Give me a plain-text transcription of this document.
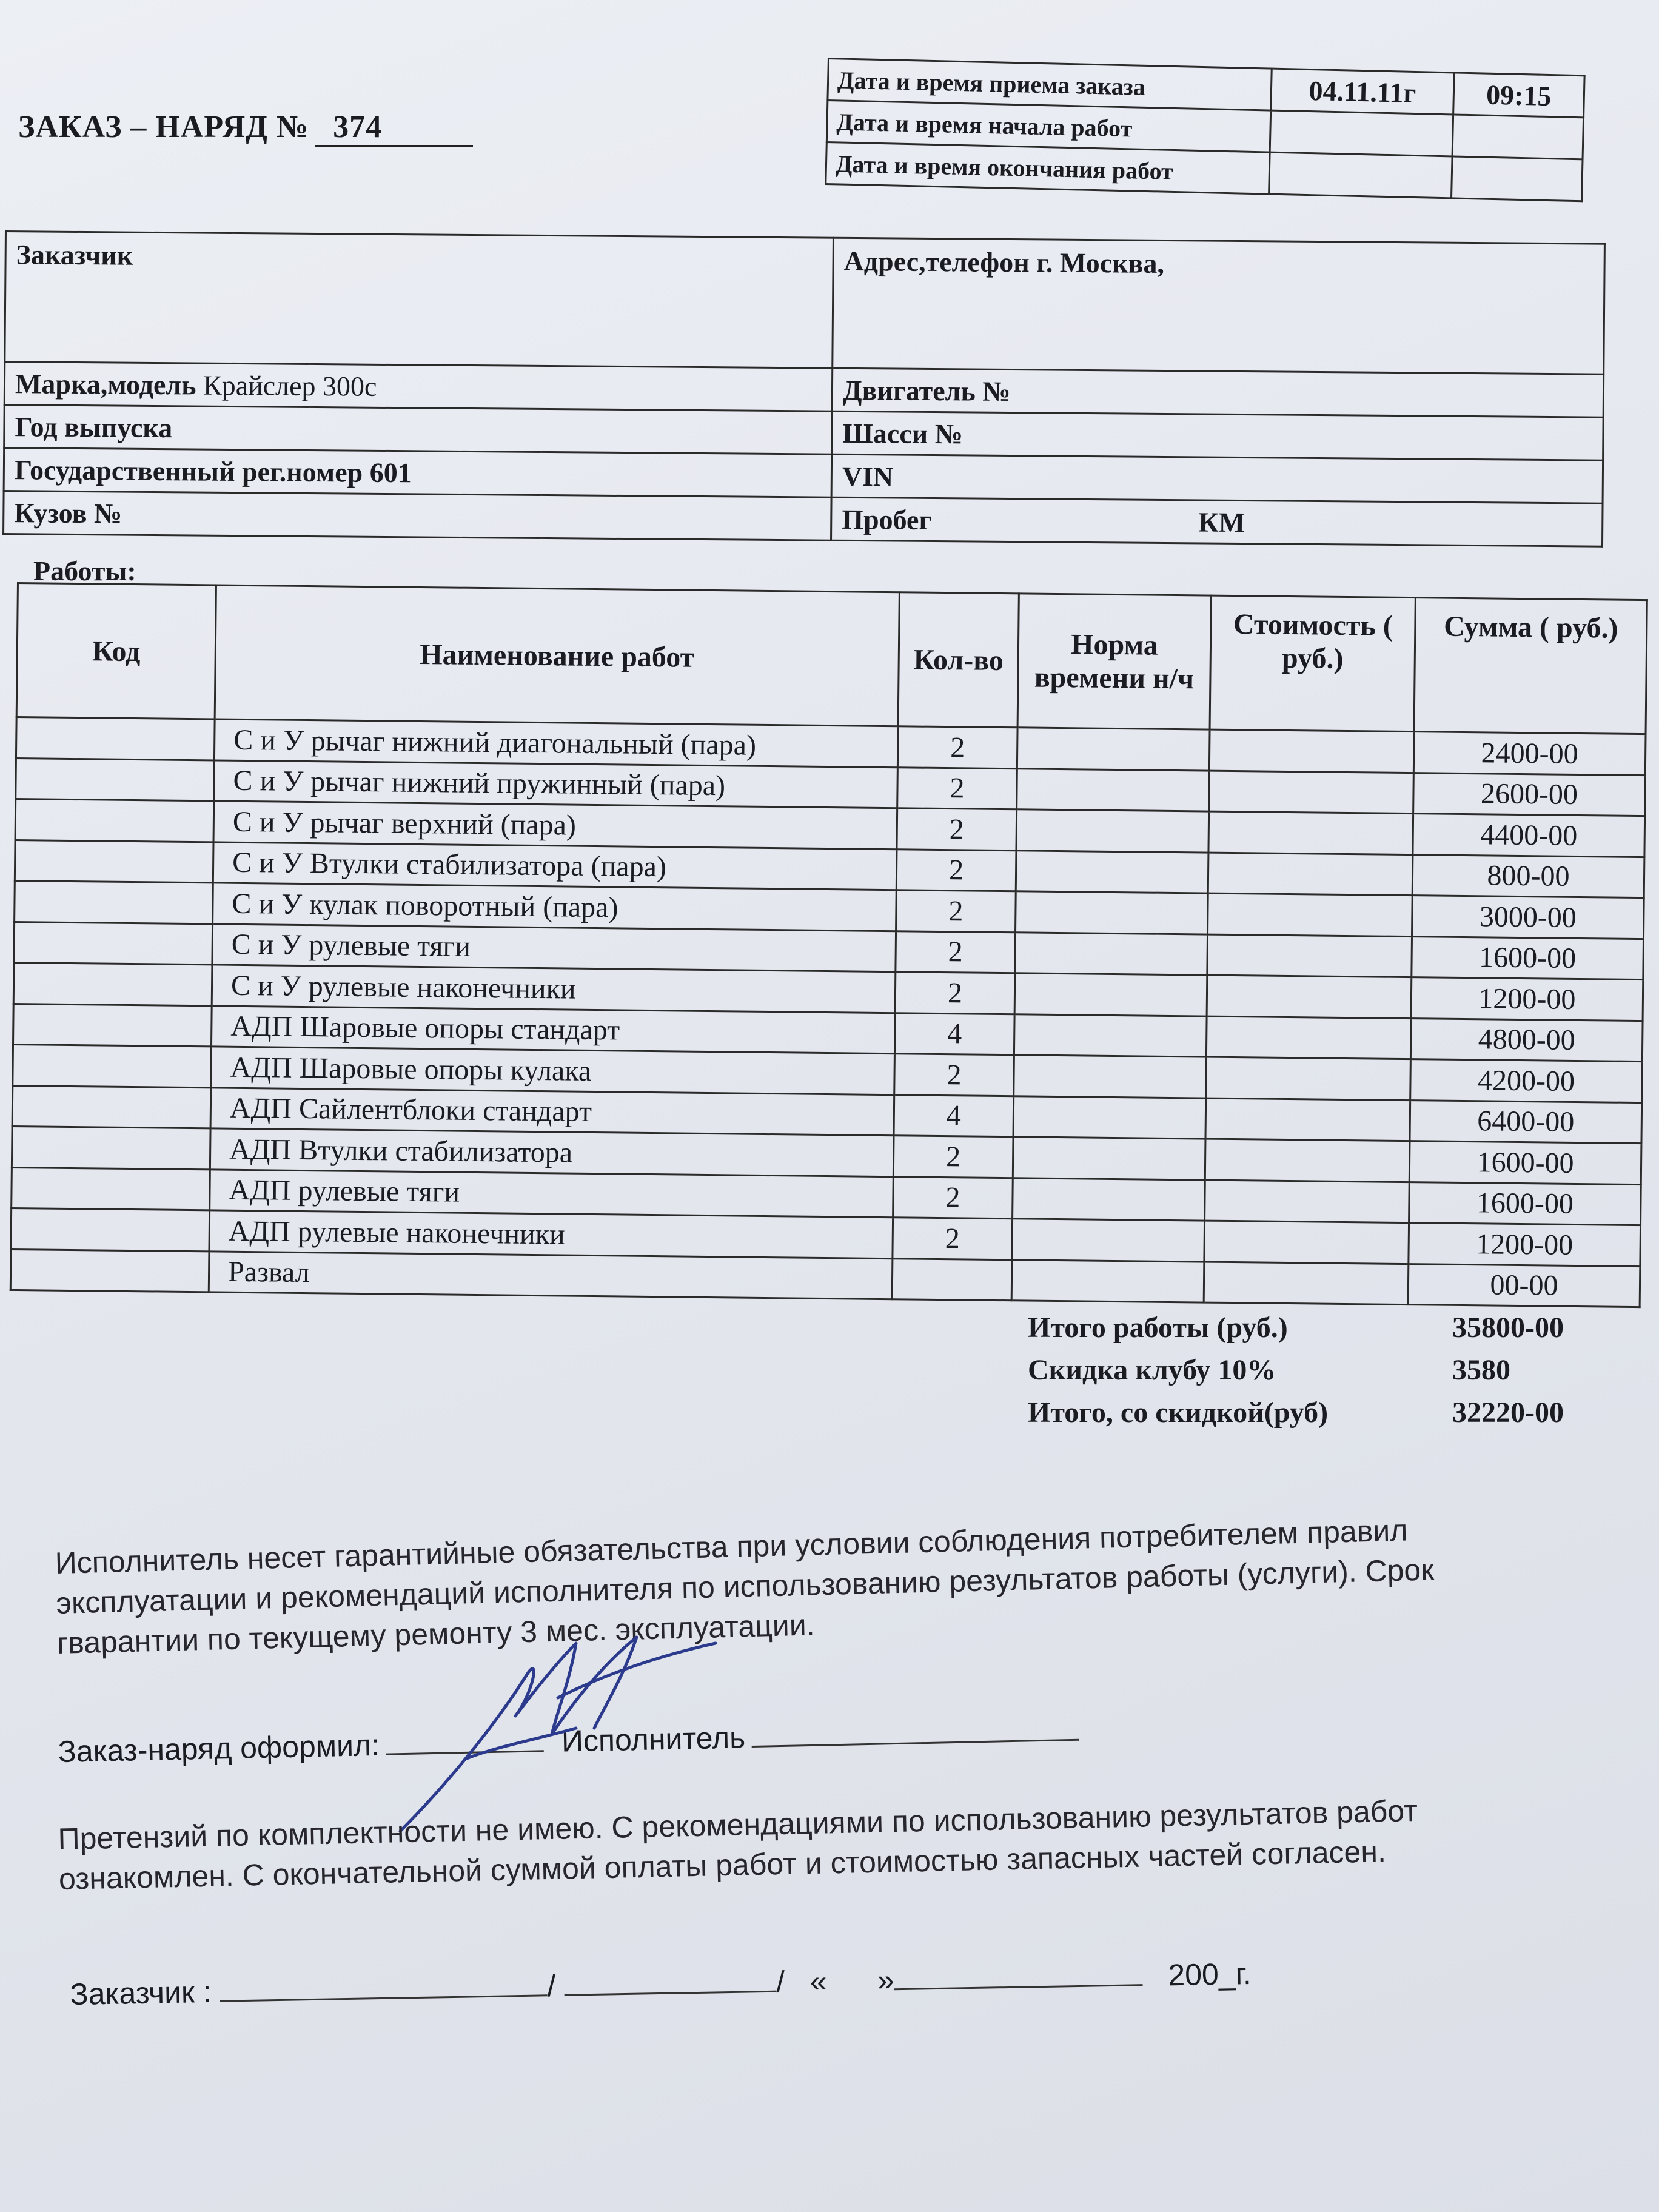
ЗАКАЗ – НАРЯД № 374
Дата и время приема заказа	04.11.11г	09:15
Дата и время начала работ		
Дата и время окончания работ		
Заказчик	Адрес,телефон г. Москва,
Марка,модель Крайслер 300с	Двигатель №
Год выпуска	Шасси №
Государственный рег.номер 601	VIN
Кузов №	Пробег КМ
Работы:
Код	Наименование работ	Кол-во	Норма времени н/ч	Стоимость ( руб.)	Сумма ( руб.)
	С и У рычаг нижний диагональный (пара)	2			2400-00
	С и У рычаг нижний пружинный (пара)	2			2600-00
	С и У рычаг верхний (пара)	2			4400-00
	С и У Втулки стабилизатора (пара)	2			800-00
	С и У кулак поворотный (пара)	2			3000-00
	С и У рулевые тяги	2			1600-00
	С и У рулевые наконечники	2			1200-00
	АДП Шаровые опоры стандарт	4			4800-00
	АДП Шаровые опоры кулака	2			4200-00
	АДП Сайлентблоки стандарт	4			6400-00
	АДП Втулки стабилизатора	2			1600-00
	АДП рулевые тяги	2			1600-00
	АДП рулевые наконечники	2			1200-00
	Развал				00-00
Итого работы (руб.)	35800-00
Скидка клубу 10%	3580
Итого, со скидкой(руб)	32220-00
Исполнитель несет гарантийные обязательства при условии соблюдения потребителем правил эксплуатации и рекомендаций исполнителя по использованию результатов работы (услуги). Срок гварантии по текущему ремонту 3 мес. эксплуатации.
Заказ-наряд оформил:	Исполнитель
Претензий по комплектности не имею. С рекомендациями по использованию результатов работ ознакомлен. С окончательной суммой оплаты работ и стоимостью запасных частей согласен.
Заказчик :	/	/ « »	200_г.
